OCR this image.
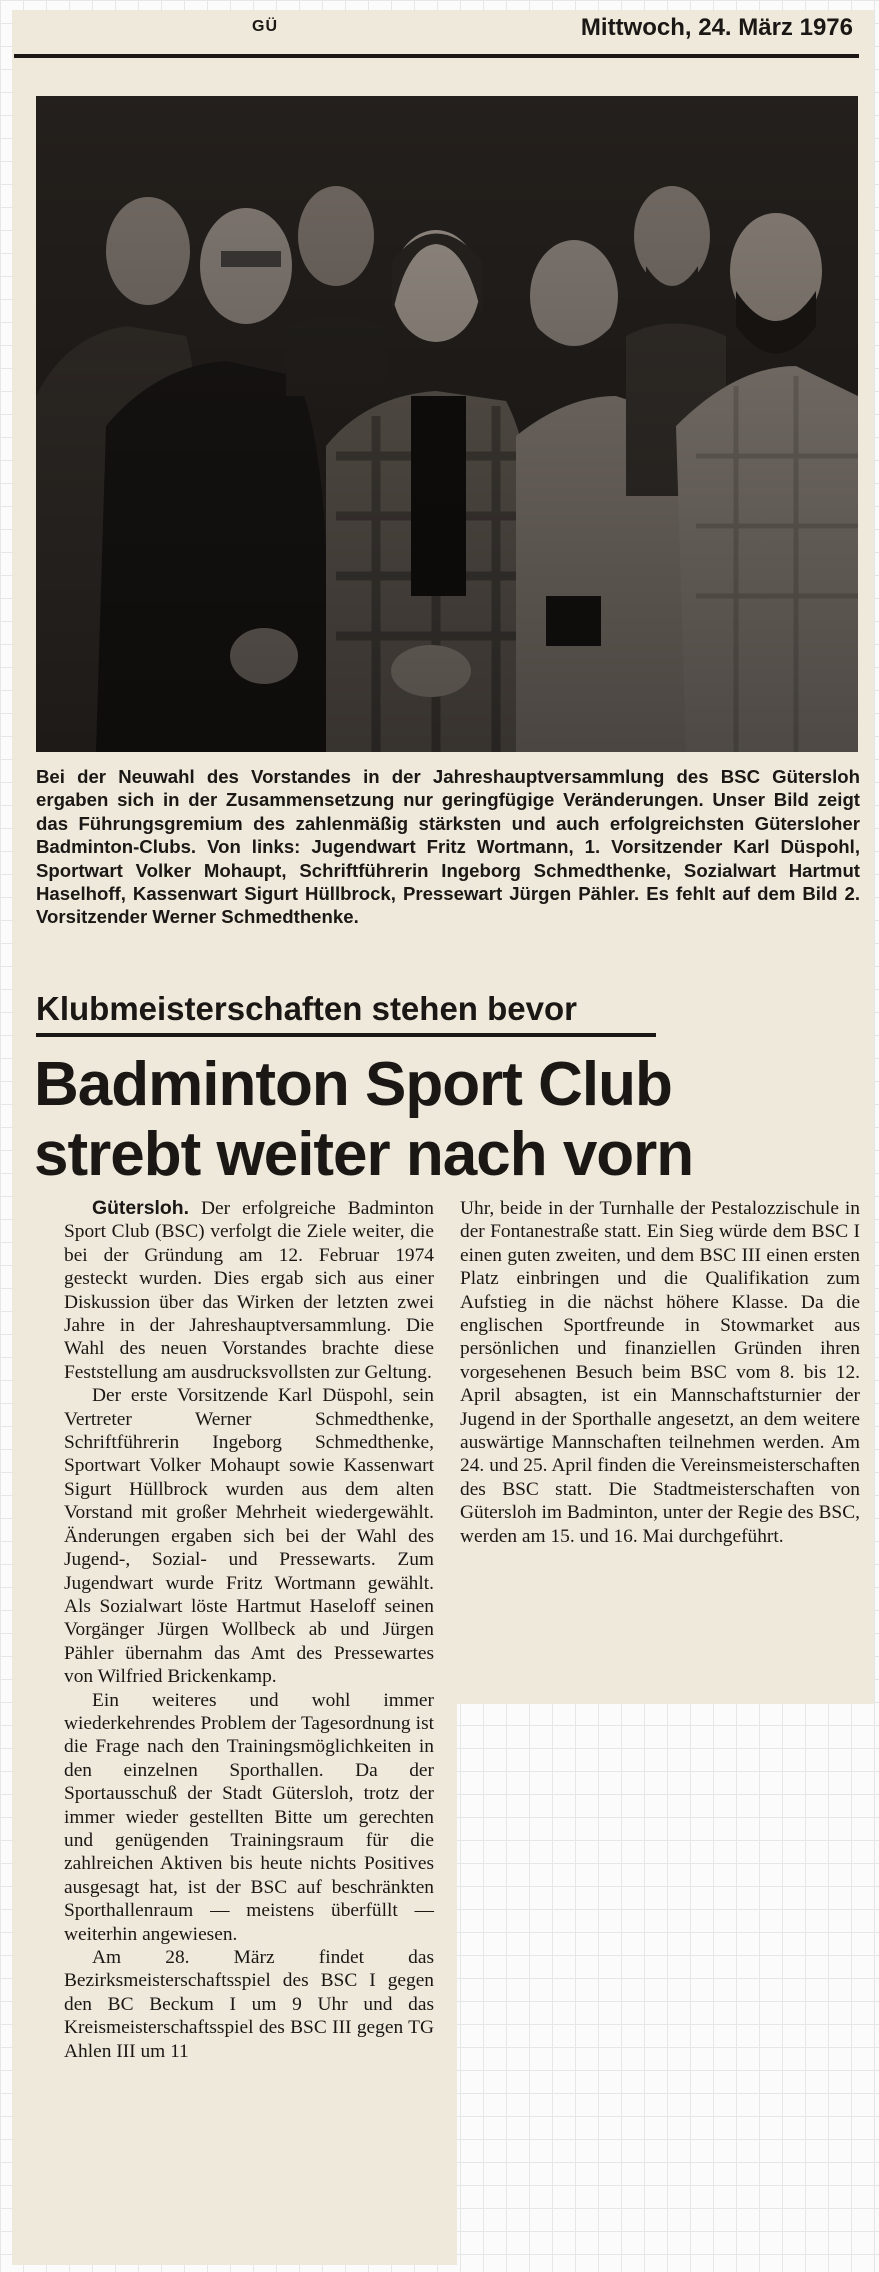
GÜ	Mittwoch, 24. März 1976
Bei der Neuwahl des Vorstandes in der Jahreshauptversammlung des BSC Gütersloh ergaben sich in der Zusammensetzung nur geringfügige Veränderungen. Unser Bild zeigt das Führungsgremium des zahlenmäßig stärksten und auch erfolgreichsten Gütersloher Badminton-Clubs. Von links: Jugendwart Fritz Wortmann, 1. Vorsitzender Karl Düspohl, Sportwart Volker Mohaupt, Schriftführerin Ingeborg Schmedthenke, Sozialwart Hartmut Haselhoff, Kassenwart Sigurt Hüllbrock, Pressewart Jürgen Pähler. Es fehlt auf dem Bild 2. Vorsitzender Werner Schmedthenke.
Klubmeisterschaften stehen bevor
Badminton Sport Club
strebt weiter nach vorn

Gütersloh. Der erfolgreiche Badminton Sport Club (BSC) verfolgt die Ziele weiter, die bei der Gründung am 12. Februar 1974 gesteckt wurden. Dies ergab sich aus einer Diskussion über das Wirken der letzten zwei Jahre in der Jahreshauptversammlung. Die Wahl des neuen Vorstandes brachte diese Feststellung am ausdrucksvollsten zur Geltung.

Der erste Vorsitzende Karl Düspohl, sein Vertreter Werner Schmedthenke, Schriftführerin Ingeborg Schmedthenke, Sportwart Volker Mohaupt sowie Kassenwart Sigurt Hüllbrock wurden aus dem alten Vorstand mit großer Mehrheit wiedergewählt. Änderungen ergaben sich bei der Wahl des Jugend-, Sozial- und Pressewarts. Zum Jugendwart wurde Fritz Wortmann gewählt. Als Sozialwart löste Hartmut Haseloff seinen Vorgänger Jürgen Wollbeck ab und Jürgen Pähler übernahm das Amt des Pressewartes von Wilfried Brickenkamp.

Ein weiteres und wohl immer wiederkehrendes Problem der Tagesordnung ist die Frage nach den Trainingsmöglichkeiten in den einzelnen Sporthallen. Da der Sportausschuß der Stadt Gütersloh, trotz der immer wieder gestellten Bitte um gerechten und genügenden Trainingsraum für die zahlreichen Aktiven bis heute nichts Positives ausgesagt hat, ist der BSC auf beschränkten Sporthallenraum — meistens überfüllt — weiterhin angewiesen.

Am 28. März findet das Bezirksmeisterschaftsspiel des BSC I gegen den BC Beckum I um 9 Uhr und das Kreismeisterschaftsspiel des BSC III gegen TG Ahlen III um 11

Uhr, beide in der Turnhalle der Pestalozzischule in der Fontanestraße statt. Ein Sieg würde dem BSC I einen guten zweiten, und dem BSC III einen ersten Platz einbringen und die Qualifikation zum Aufstieg in die nächst höhere Klasse. Da die englischen Sportfreunde in Stowmarket aus persönlichen und finanziellen Gründen ihren vorgesehenen Besuch beim BSC vom 8. bis 12. April absagten, ist ein Mannschaftsturnier der Jugend in der Sporthalle angesetzt, an dem weitere auswärtige Mannschaften teilnehmen werden. Am 24. und 25. April finden die Vereinsmeisterschaften des BSC statt. Die Stadtmeisterschaften von Gütersloh im Badminton, unter der Regie des BSC, werden am 15. und 16. Mai durchgeführt.
